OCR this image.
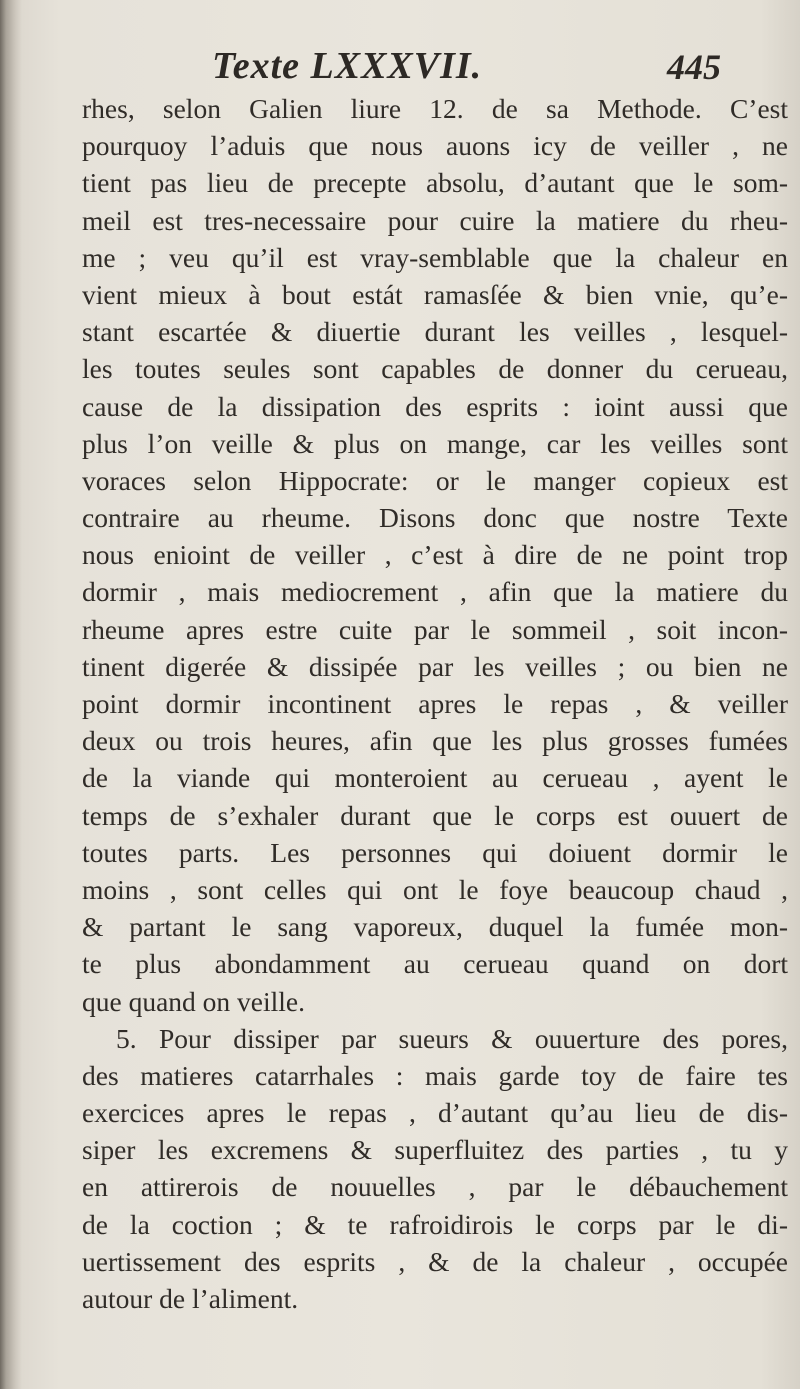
Texte LXXXVII.	445
rhes, selon Galien liure 12. de sa Methode. C’est
pourquoy l’aduis que nous auons icy de veiller , ne
tient pas lieu de precepte absolu, d’autant que le som-
meil est tres-necessaire pour cuire la matiere du rheu-
me ; veu qu’il est vray-semblable que la chaleur en
vient mieux à bout estát ramasſée & bien vnie, qu’e-
stant escartée & diuertie durant les veilles , lesquel-
les toutes seules sont capables de donner du cerueau,
cause de la dissipation des esprits : ioint aussi que
plus l’on veille & plus on mange, car les veilles sont
voraces selon Hippocrate: or le manger copieux est
contraire au rheume. Disons donc que nostre Texte
nous enioint de veiller , c’est à dire de ne point trop
dormir , mais mediocrement , afin que la matiere du
rheume apres estre cuite par le sommeil , soit incon-
tinent digerée & dissipée par les veilles ; ou bien ne
point dormir incontinent apres le repas , & veiller
deux ou trois heures, afin que les plus grosses fumées
de la viande qui monteroient au cerueau , ayent le
temps de s’exhaler durant que le corps est ouuert de
toutes parts. Les personnes qui doiuent dormir le
moins , sont celles qui ont le foye beaucoup chaud ,
& partant le sang vaporeux, duquel la fumée mon-
te plus abondamment au cerueau quand on dort
que quand on veille.
5. Pour dissiper par sueurs & ouuerture des pores,
des matieres catarrhales : mais garde toy de faire tes
exercices apres le repas , d’autant qu’au lieu de dis-
siper les excremens & superfluitez des parties , tu y
en attirerois de nouuelles , par le débauchement
de la coction ; & te rafroidirois le corps par le di-
uertissement des esprits , & de la chaleur , occupée
autour de l’aliment.
